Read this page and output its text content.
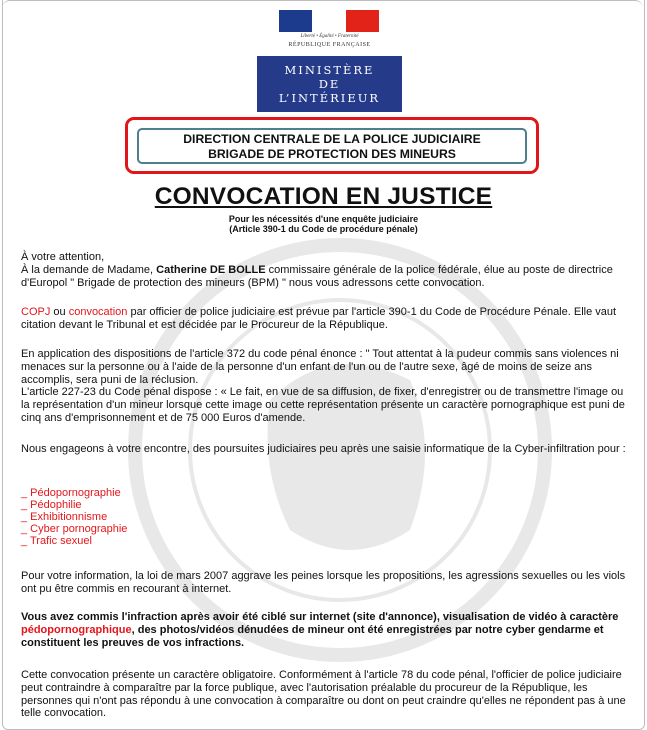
Liberté • Égalité • Fraternité
RÉPUBLIQUE FRANÇAISE
MINISTÈRE
DE
L’INTÉRIEUR
DIRECTION CENTRALE DE LA POLICE JUDICIAIRE
BRIGADE DE PROTECTION DES MINEURS
CONVOCATION EN JUSTICE
Pour les nécessités d'une enquête judiciaire
(Article 390-1 du Code de procédure pénale)
À votre attention,
À la demande de Madame, Catherine DE BOLLE commissaire générale de la police fédérale, élue au poste de directrice d'Europol " Brigade de protection des mineurs (BPM) " nous vous adressons cette convocation.
COPJ ou convocation par officier de police judiciaire est prévue par l'article 390-1 du Code de Procédure Pénale. Elle vaut citation devant le Tribunal et est décidée par le Procureur de la République.
En application des dispositions de l'article 372 du code pénal énonce : " Tout attentat à la pudeur commis sans violences ni menaces sur la personne ou à l'aide de la personne d'un enfant de l'un ou de l'autre sexe, âgé de moins de seize ans accomplis, sera puni de la réclusion.
L'article 227-23 du Code pénal dispose : « Le fait, en vue de sa diffusion, de fixer, d'enregistrer ou de transmettre l'image ou la représentation d'un mineur lorsque cette image ou cette représentation présente un caractère pornographique est puni de cinq ans d'emprisonnement et de 75 000 Euros d'amende.
Nous engageons à votre encontre, des poursuites judiciaires peu après une saisie informatique de la Cyber-infiltration pour :
_ Pédopornographie
_ Pédophilie
_ Exhibitionnisme
_ Cyber pornographie
_ Trafic sexuel
Pour votre information, la loi de mars 2007 aggrave les peines lorsque les propositions, les agressions sexuelles ou les viols ont pu être commis en recourant à internet.
Vous avez commis l'infraction après avoir été ciblé sur internet (site d'annonce), visualisation de vidéo à caractère pédopornographique, des photos/vidéos dénudées de mineur ont été enregistrées par notre cyber gendarme et constituent les preuves de vos infractions.
Cette convocation présente un caractère obligatoire. Conformément à l'article 78 du code pénal, l'officier de police judiciaire peut contraindre à comparaître par la force publique, avec l'autorisation préalable du procureur de la République, les personnes qui n'ont pas répondu à une convocation à comparaître ou dont on peut craindre qu'elles ne répondent pas à une telle convocation.
